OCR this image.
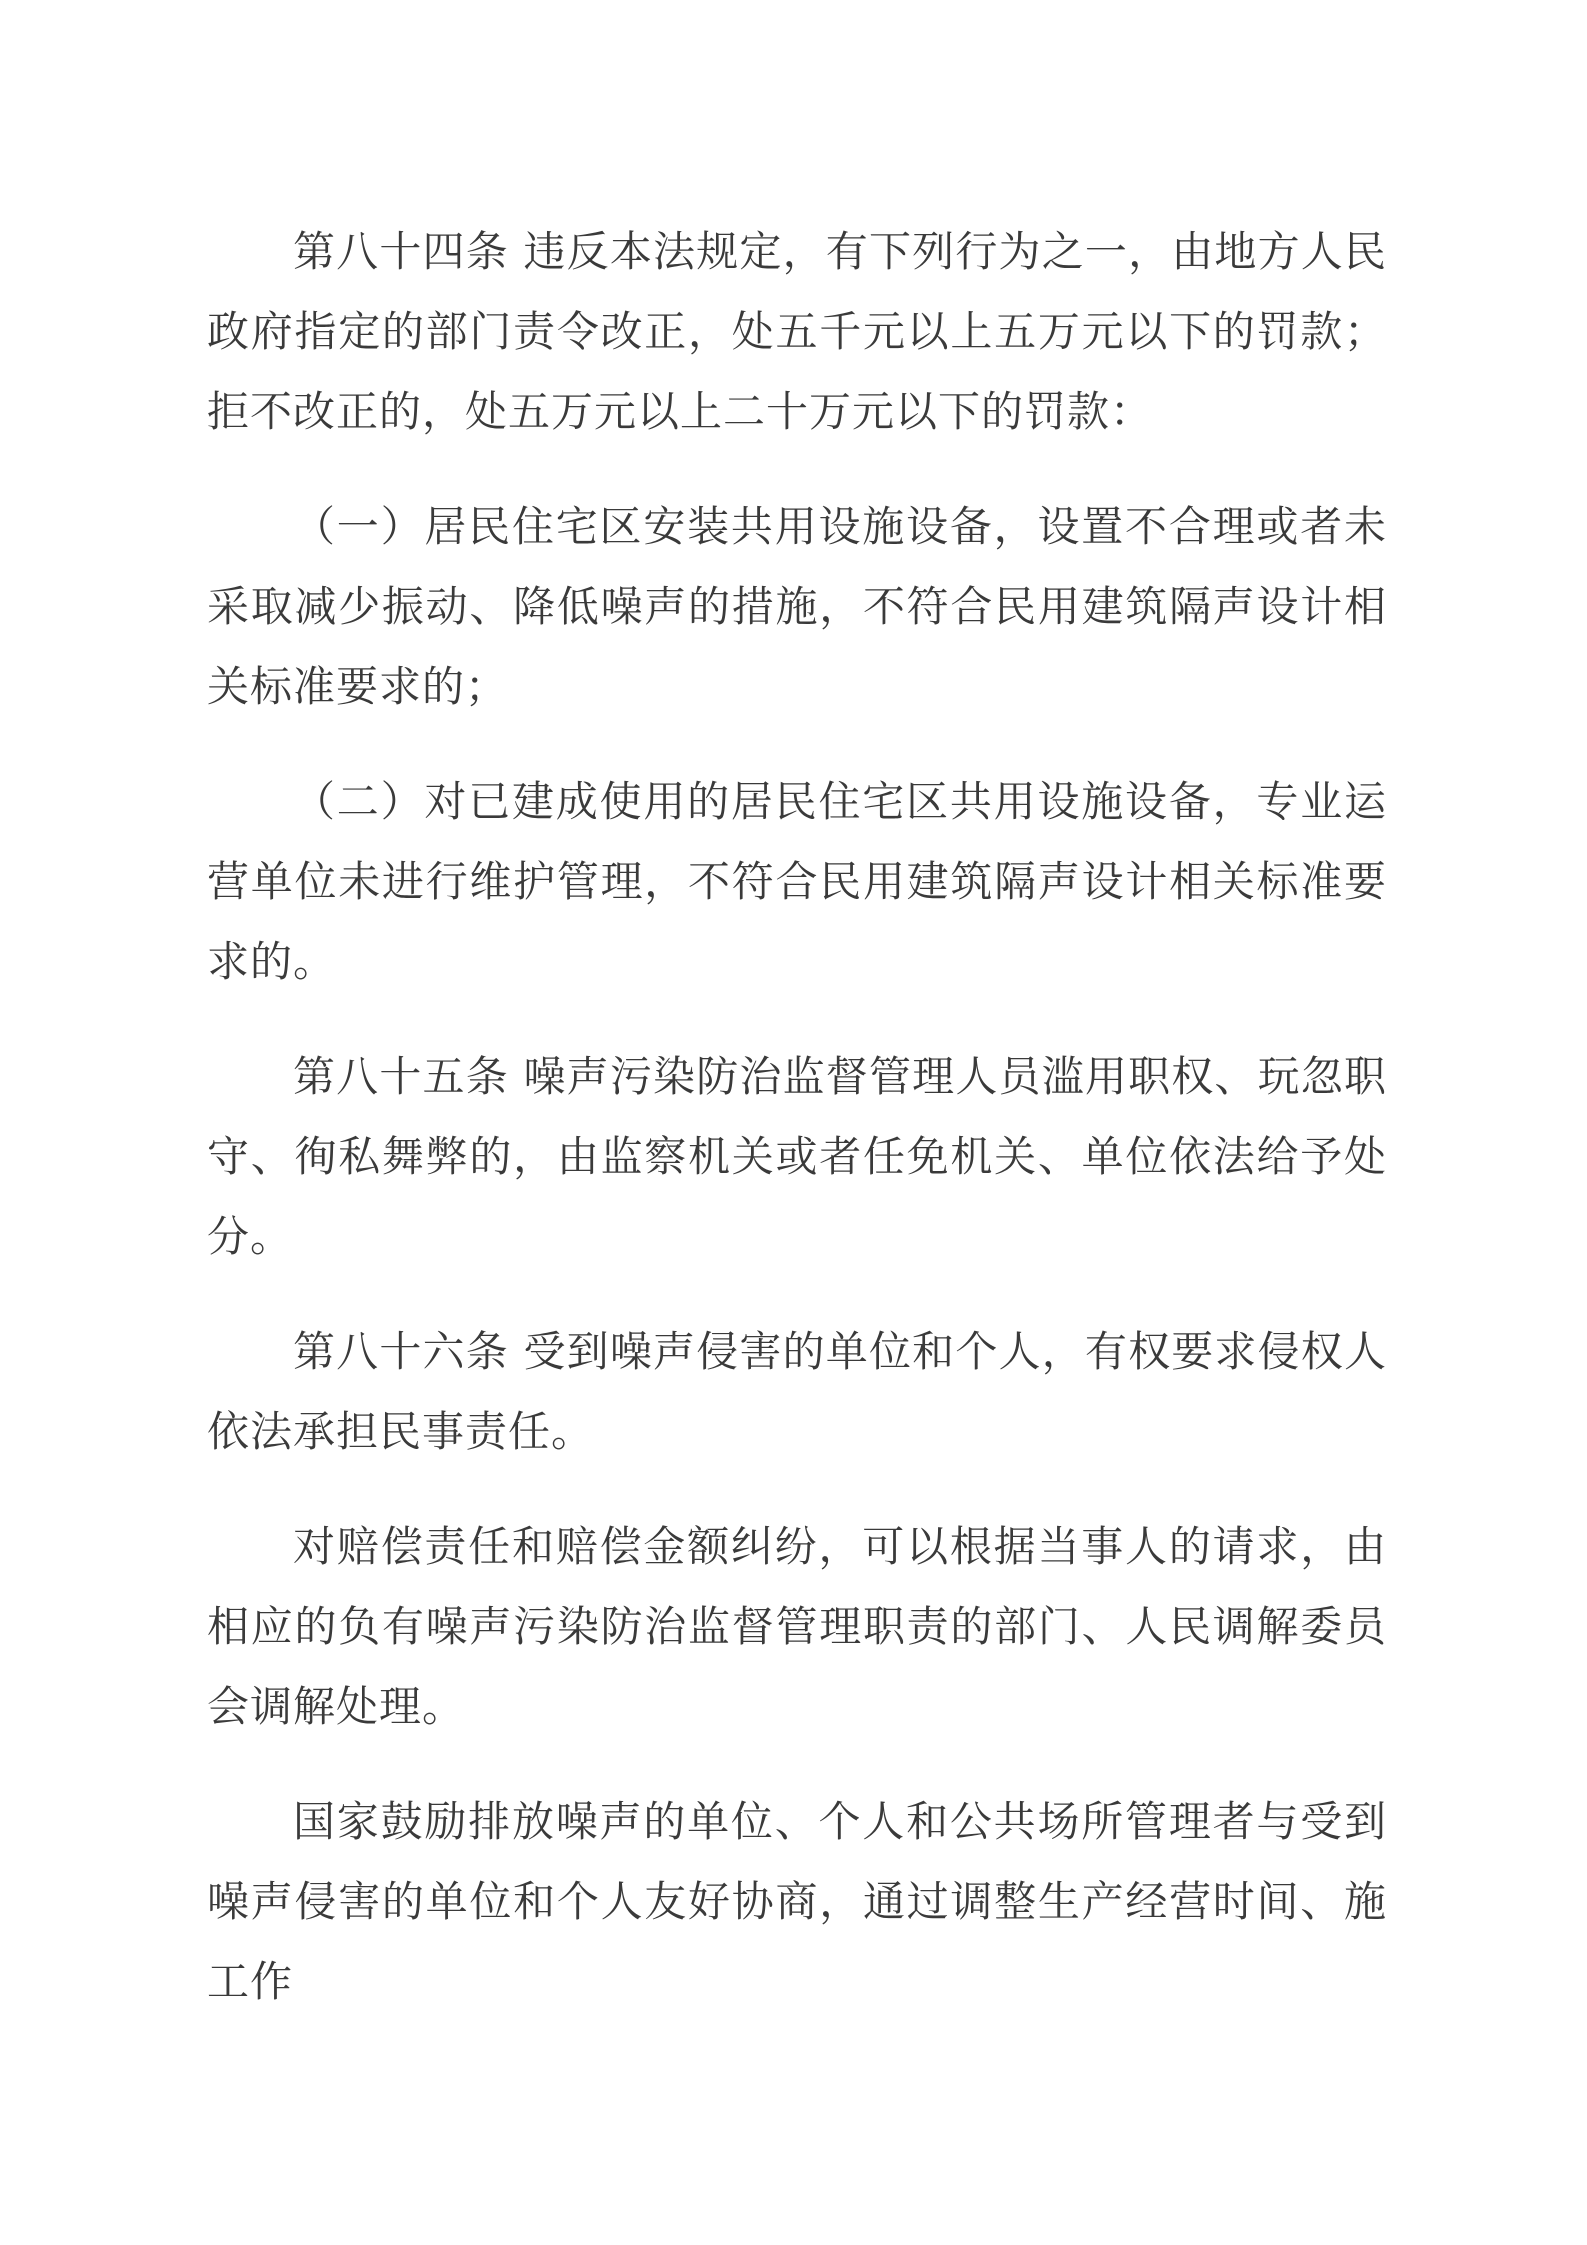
第八十四条 违反本法规定，有下列行为之一，由地方人民政府指定的部门责令改正，处五千元以上五万元以下的罚款；拒不改正的，处五万元以上二十万元以下的罚款：

（一）居民住宅区安装共用设施设备，设置不合理或者未采取减少振动、降低噪声的措施，不符合民用建筑隔声设计相关标准要求的；

（二）对已建成使用的居民住宅区共用设施设备，专业运营单位未进行维护管理，不符合民用建筑隔声设计相关标准要求的。

第八十五条 噪声污染防治监督管理人员滥用职权、玩忽职守、徇私舞弊的，由监察机关或者任免机关、单位依法给予处分。

第八十六条 受到噪声侵害的单位和个人，有权要求侵权人依法承担民事责任。

对赔偿责任和赔偿金额纠纷，可以根据当事人的请求，由相应的负有噪声污染防治监督管理职责的部门、人民调解委员会调解处理。

国家鼓励排放噪声的单位、个人和公共场所管理者与受到噪声侵害的单位和个人友好协商，通过调整生产经营时间、施工作
